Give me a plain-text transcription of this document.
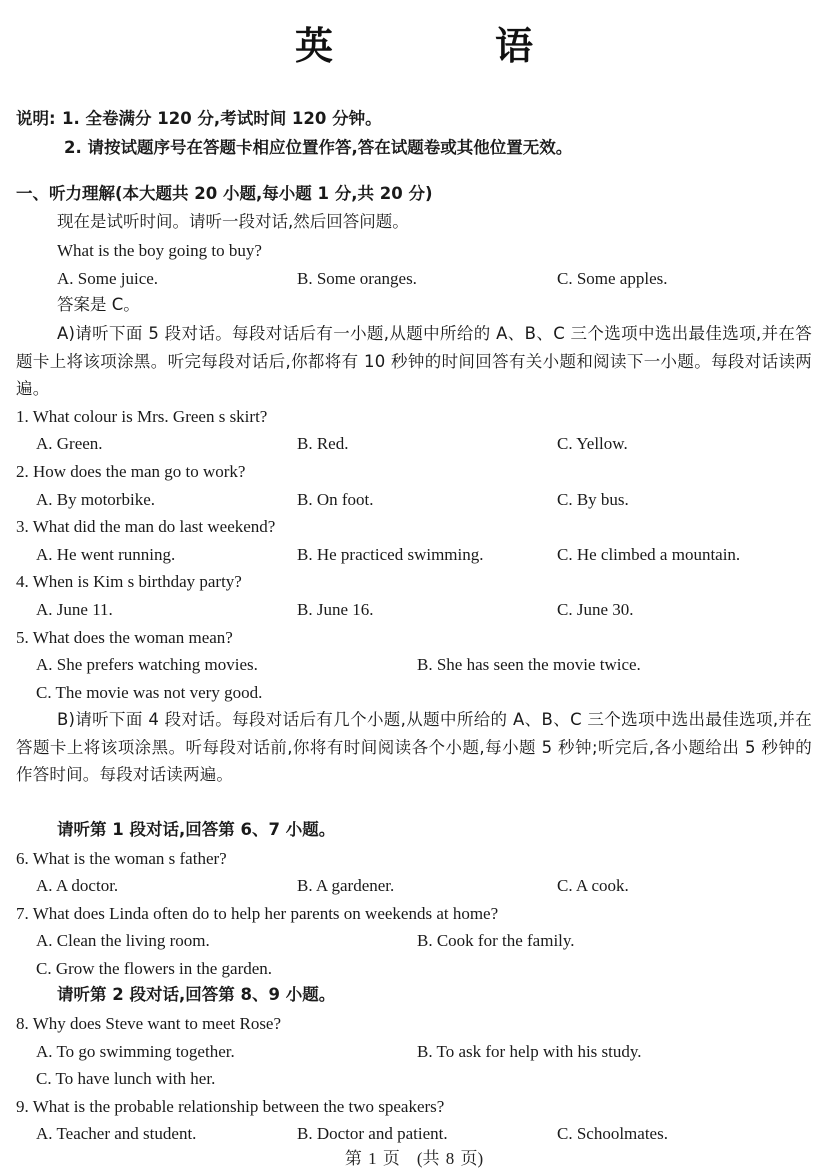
英　语
说明: 1. 全卷满分 120 分,考试时间 120 分钟。
2. 请按试题序号在答题卡相应位置作答,答在试题卷或其他位置无效。
一、听力理解(本大题共 20 小题,每小题 1 分,共 20 分)
现在是试听时间。请听一段对话,然后回答问题。
What is the boy going to buy?
A. Some juice.	B. Some oranges.	C. Some apples.
答案是 C。
A)请听下面 5 段对话。每段对话后有一小题,从题中所给的 A、B、C 三个选项中选出最佳选项,并在答题卡上将该项涂黑。听完每段对话后,你都将有 10 秒钟的时间回答有关小题和阅读下一小题。每段对话读两遍。
1. What colour is Mrs. Green s skirt?
A. Green.	B. Red.	C. Yellow.
2. How does the man go to work?
A. By motorbike.	B. On foot.	C. By bus.
3. What did the man do last weekend?
A. He went running.	B. He practiced swimming.	C. He climbed a mountain.
4. When is Kim s birthday party?
A. June 11.	B. June 16.	C. June 30.
5. What does the woman mean?
A. She prefers watching movies.	B. She has seen the movie twice.
C. The movie was not very good.
B)请听下面 4 段对话。每段对话后有几个小题,从题中所给的 A、B、C 三个选项中选出最佳选项,并在答题卡上将该项涂黑。听每段对话前,你将有时间阅读各个小题,每小题 5 秒钟;听完后,各小题给出 5 秒钟的作答时间。每段对话读两遍。
请听第 1 段对话,回答第 6、7 小题。
6. What is the woman s father?
A. A doctor.	B. A gardener.	C. A cook.
7. What does Linda often do to help her parents on weekends at home?
A. Clean the living room.	B. Cook for the family.
C. Grow the flowers in the garden.
请听第 2 段对话,回答第 8、9 小题。
8. Why does Steve want to meet Rose?
A. To go swimming together.	B. To ask for help with his study.
C. To have lunch with her.
9. What is the probable relationship between the two speakers?
A. Teacher and student.	B. Doctor and patient.	C. Schoolmates.
第 1 页　(共 8 页)
